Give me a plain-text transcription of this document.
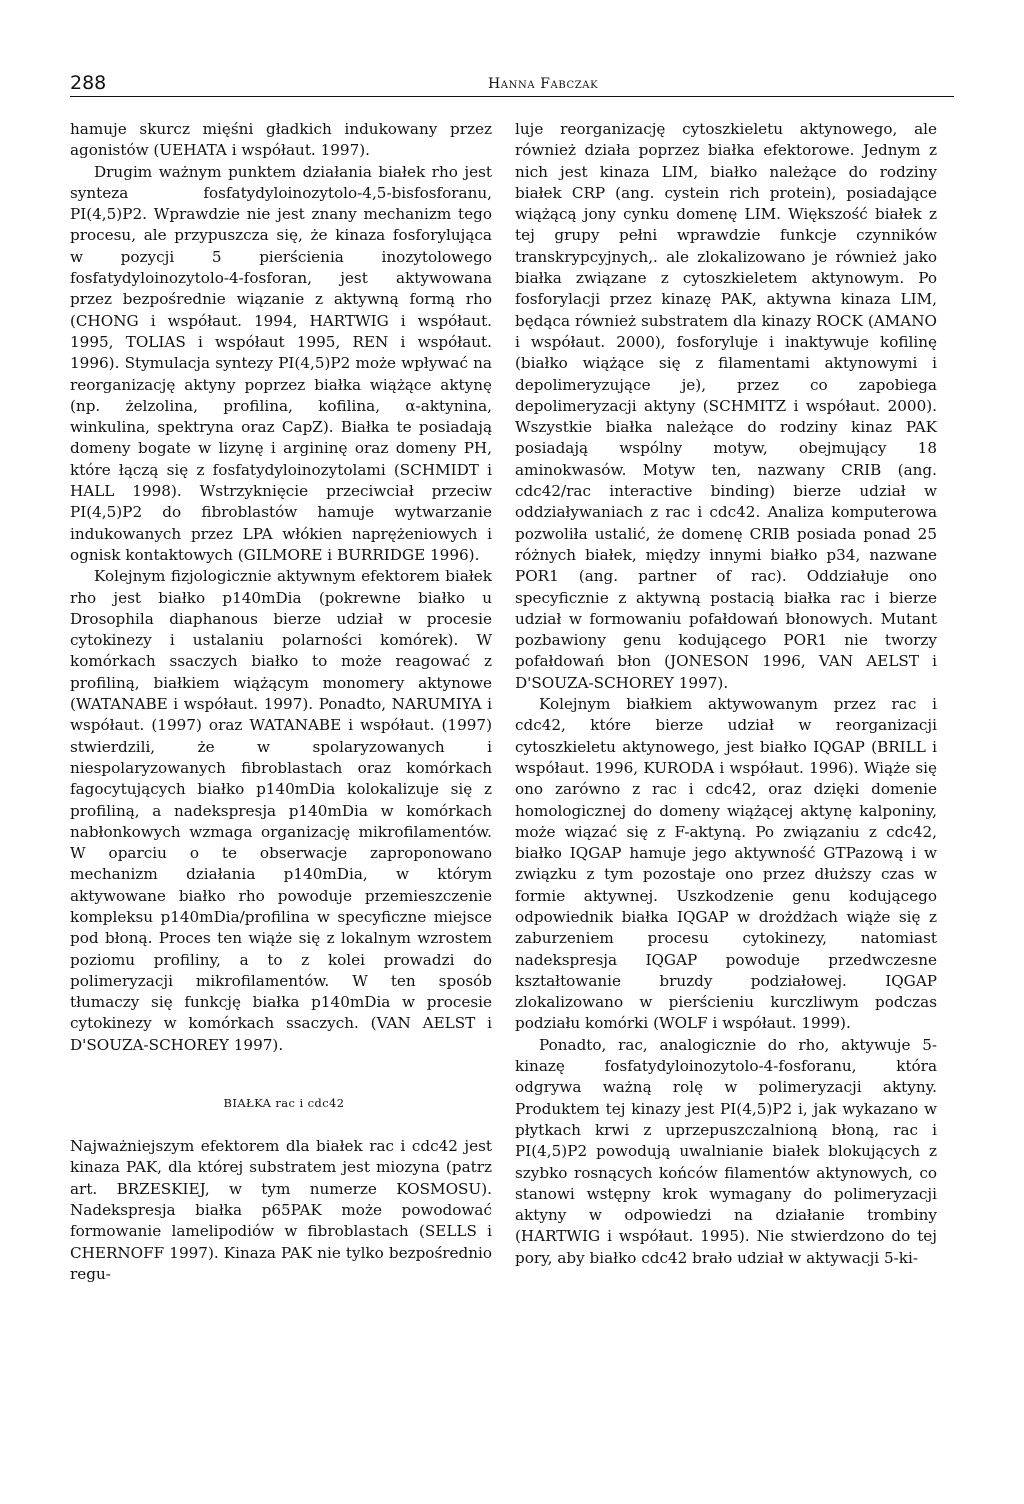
288	Hanna Fabczak

hamuje skurcz mięśni gładkich indukowany przez agonistów (UEHATA i współaut. 1997).

Drugim ważnym punktem działania białek rho jest synteza fosfatydyloinozytolo-4,5-bisfosforanu, PI(4,5)P2. Wprawdzie nie jest znany mechanizm tego procesu, ale przypuszcza się, że kinaza fosforylująca w pozycji 5 pierścienia inozytolowego fosfatydyloinozytolo-4-fosforan, jest aktywowana przez bezpośrednie wiązanie z aktywną formą rho (CHONG i współaut. 1994, HARTWIG i współaut. 1995, TOLIAS i współaut 1995, REN i współaut. 1996). Stymulacja syntezy PI(4,5)P2 może wpływać na reorganizację aktyny poprzez białka wiążące aktynę (np. żelzolina, profilina, kofilina, α-aktynina, winkulina, spektryna oraz CapZ). Białka te posiadają domeny bogate w lizynę i argininę oraz domeny PH, które łączą się z fosfatydyloinozytolami (SCHMIDT i HALL 1998). Wstrzyknięcie przeciwciał przeciw PI(4,5)P2 do fibroblastów hamuje wytwarzanie indukowanych przez LPA włókien naprężeniowych i ognisk kontaktowych (GILMORE i BURRIDGE 1996).

Kolejnym fizjologicznie aktywnym efektorem białek rho jest białko p140mDia (pokrewne białko u Drosophila diaphanous bierze udział w procesie cytokinezy i ustalaniu polarności komórek). W komórkach ssaczych białko to może reagować z profiliną, białkiem wiążącym monomery aktynowe (WATANABE i współaut. 1997). Ponadto, NARUMIYA i współaut. (1997) oraz WATANABE i współaut. (1997) stwierdzili, że w spolaryzowanych i niespolaryzowanych fibroblastach oraz komórkach fagocytujących białko p140mDia kolokalizuje się z profiliną, a nadekspresja p140mDia w komórkach nabłonkowych wzmaga organizację mikrofilamentów. W oparciu o te obserwacje zaproponowano mechanizm działania p140mDia, w którym aktywowane białko rho powoduje przemieszczenie kompleksu p140mDia/profilina w specyficzne miejsce pod błoną. Proces ten wiąże się z lokalnym wzrostem poziomu profiliny, a to z kolei prowadzi do polimeryzacji mikrofilamentów. W ten sposób tłumaczy się funkcję białka p140mDia w procesie cytokinezy w komórkach ssaczych. (VAN AELST i D'SOUZA-SCHOREY 1997).

BIAŁKA rac i cdc42

Najważniejszym efektorem dla białek rac i cdc42 jest kinaza PAK, dla której substratem jest miozyna (patrz art. BRZESKIEJ, w tym numerze KOSMOSU). Nadekspresja białka p65PAK może powodować formowanie lamelipodiów w fibroblastach (SELLS i CHERNOFF 1997). Kinaza PAK nie tylko bezpośrednio regu-

luje reorganizację cytoszkieletu aktynowego, ale również działa poprzez białka efektorowe. Jednym z nich jest kinaza LIM, białko należące do rodziny białek CRP (ang. cystein rich protein), posiadające wiążącą jony cynku domenę LIM. Większość białek z tej grupy pełni wprawdzie funkcje czynników transkrypcyjnych,. ale zlokalizowano je również jako białka związane z cytoszkieletem aktynowym. Po fosforylacji przez kinazę PAK, aktywna kinaza LIM, będąca również substratem dla kinazy ROCK (AMANO i współaut. 2000), fosforyluje i inaktywuje kofilinę (białko wiążące się z filamentami aktynowymi i depolimeryzujące je), przez co zapobiega depolimeryzacji aktyny (SCHMITZ i współaut. 2000). Wszystkie białka należące do rodziny kinaz PAK posiadają wspólny motyw, obejmujący 18 aminokwasów. Motyw ten, nazwany CRIB (ang. cdc42/rac interactive binding) bierze udział w oddziaływaniach z rac i cdc42. Analiza komputerowa pozwoliła ustalić, że domenę CRIB posiada ponad 25 różnych białek, między innymi białko p34, nazwane POR1 (ang. partner of rac). Oddziałuje ono specyficznie z aktywną postacią białka rac i bierze udział w formowaniu pofałdowań błonowych. Mutant pozbawiony genu kodującego POR1 nie tworzy pofałdowań błon (JONESON 1996, VAN AELST i D'SOUZA-SCHOREY 1997).

Kolejnym białkiem aktywowanym przez rac i cdc42, które bierze udział w reorganizacji cytoszkieletu aktynowego, jest białko IQGAP (BRILL i współaut. 1996, KURODA i współaut. 1996). Wiąże się ono zarówno z rac i cdc42, oraz dzięki domenie homologicznej do domeny wiążącej aktynę kalponiny, może wiązać się z F-aktyną. Po związaniu z cdc42, białko IQGAP hamuje jego aktywność GTPazową i w związku z tym pozostaje ono przez dłuższy czas w formie aktywnej. Uszkodzenie genu kodującego odpowiednik białka IQGAP w drożdżach wiąże się z zaburzeniem procesu cytokinezy, natomiast nadekspresja IQGAP powoduje przedwczesne kształtowanie bruzdy podziałowej. IQGAP zlokalizowano w pierścieniu kurczliwym podczas podziału komórki (WOLF i współaut. 1999).

Ponadto, rac, analogicznie do rho, aktywuje 5-kinazę fosfatydyloinozytolo-4-fosforanu, która odgrywa ważną rolę w polimeryzacji aktyny. Produktem tej kinazy jest PI(4,5)P2 i, jak wykazano w płytkach krwi z uprzepuszczalnioną błoną, rac i PI(4,5)P2 powodują uwalnianie białek blokujących z szybko rosnących końców filamentów aktynowych, co stanowi wstępny krok wymagany do polimeryzacji aktyny w odpowiedzi na działanie trombiny (HARTWIG i współaut. 1995). Nie stwierdzono do tej pory, aby białko cdc42 brało udział w aktywacji 5-ki-
